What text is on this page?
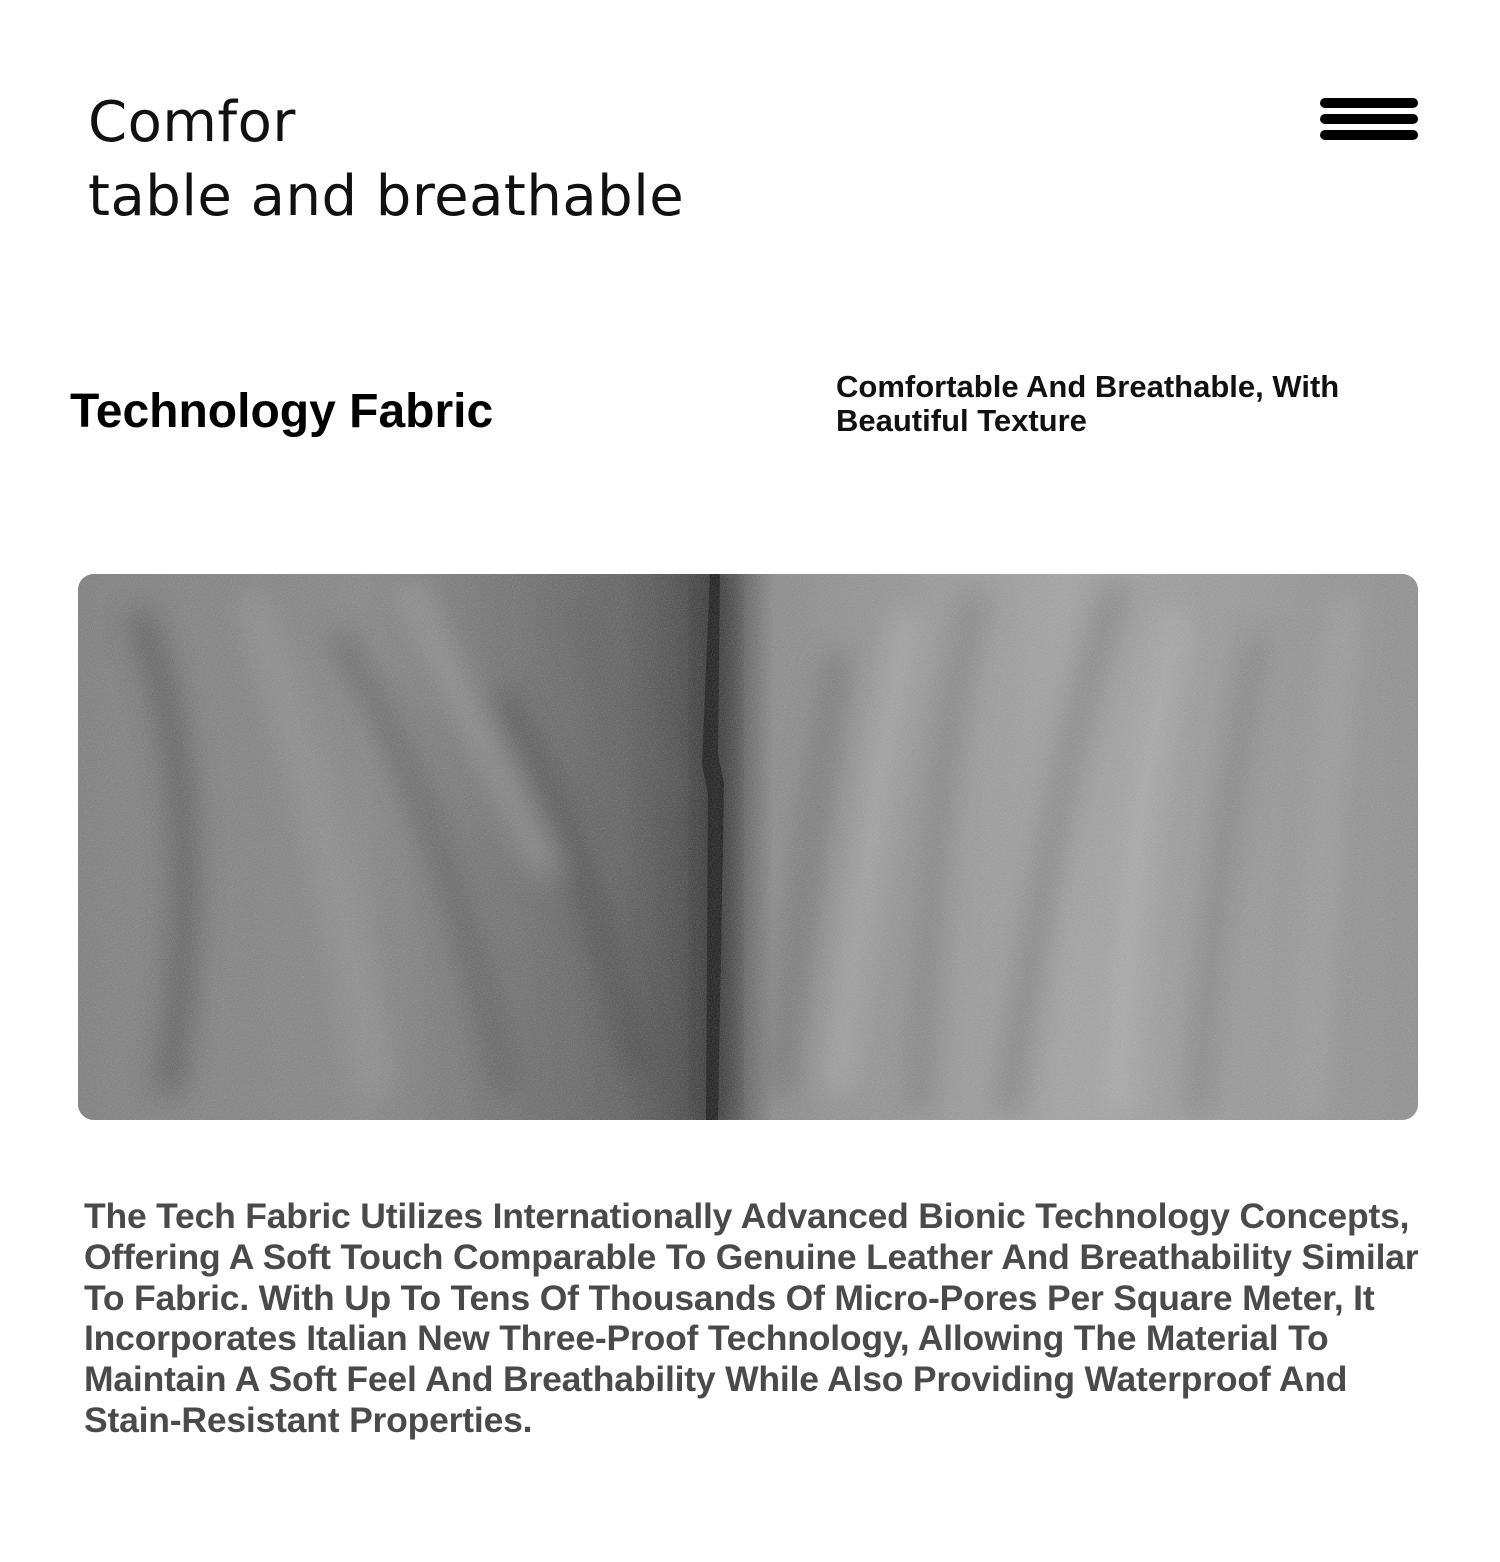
Comfor
table and breathable
Technology Fabric	Comfortable And Breathable, With Beautiful Texture

The Tech Fabric Utilizes Internationally Advanced Bionic Technology Concepts, Offering A Soft Touch Comparable To Genuine Leather And Breathability Similar To Fabric. With Up To Tens Of Thousands Of Micro-Pores Per Square Meter, It Incorporates Italian New Three-Proof Technology, Allowing The Material To Maintain A Soft Feel And Breathability While Also Providing Waterproof And Stain-Resistant Properties.
